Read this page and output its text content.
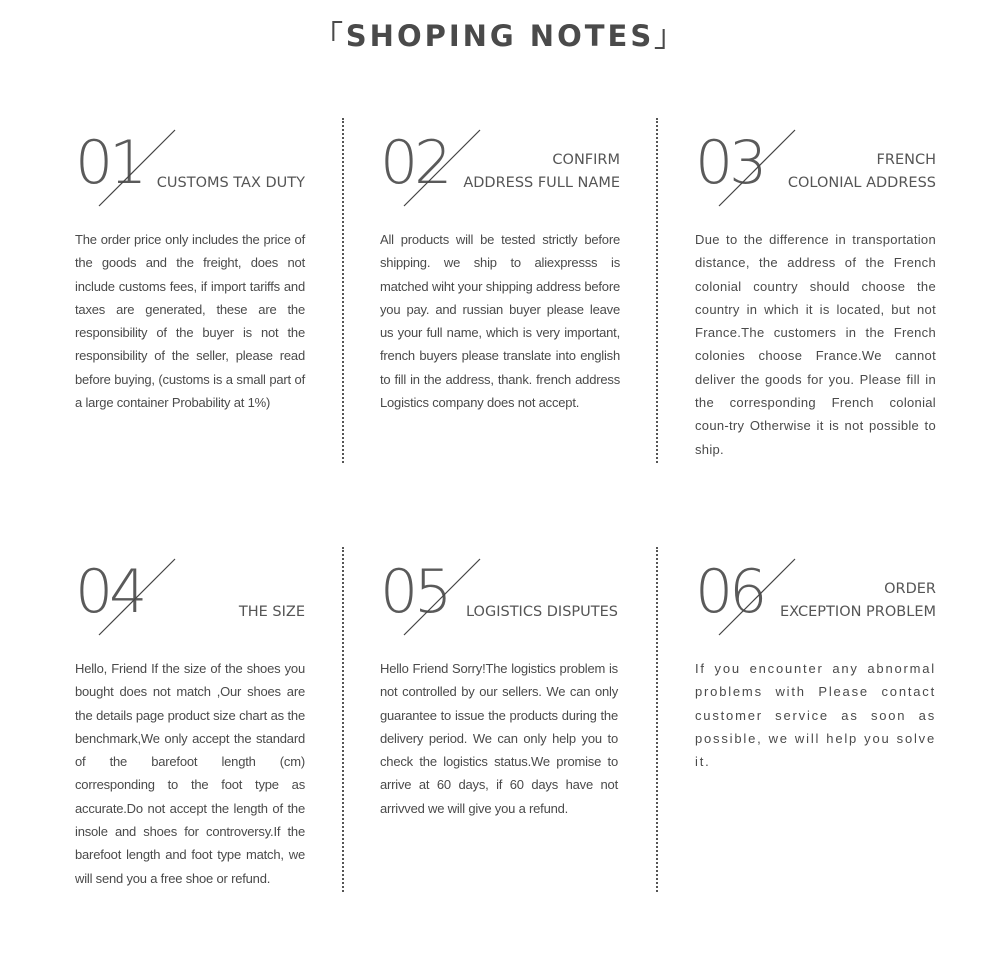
「SHOPING NOTES」
01 CUSTOMS TAX DUTY
The order price only includes the price of the goods and the freight, does not include customs fees, if import tariffs and taxes are generated, these are the responsibility of the buyer is not the responsibility of the seller, please read before buying, (customs is a small part of a large container Probability at 1%)
02	CONFIRM
ADDRESS FULL NAME
All products will be tested strictly before shipping. we ship to aliexpresss is matched wiht your shipping address before you pay. and russian buyer please leave us your full name, which is very important, french buyers please translate into english to fill in the address, thank. french address Logistics company does not accept.
03	FRENCH
COLONIAL ADDRESS
Due to the difference in transportation distance, the address of the French colonial country should choose the country in which it is located, but not France.The customers in the French colonies choose France.We cannot deliver the goods for you. Please fill in the corresponding French colonial coun-try Otherwise it is not possible to ship.
04	THE SIZE
Hello, Friend If the size of the shoes you bought does not match ,Our shoes are the details page product size chart as the benchmark,We only accept the standard of the barefoot length (cm) corresponding to the foot type as accurate.Do not accept the length of the insole and shoes for controversy.If the barefoot length and foot type match, we will send you a free shoe or refund.
05 LOGISTICS DISPUTES
Hello Friend Sorry!The logistics problem is not controlled by our sellers. We can only guarantee to issue the products during the delivery period. We can only help you to check the logistics status.We promise to arrive at 60 days, if 60 days have not arrivved we will give you a refund.
06	ORDER
EXCEPTION PROBLEM
If you encounter any abnormal problems with Please contact customer service as soon as possible, we will help you solve it.
